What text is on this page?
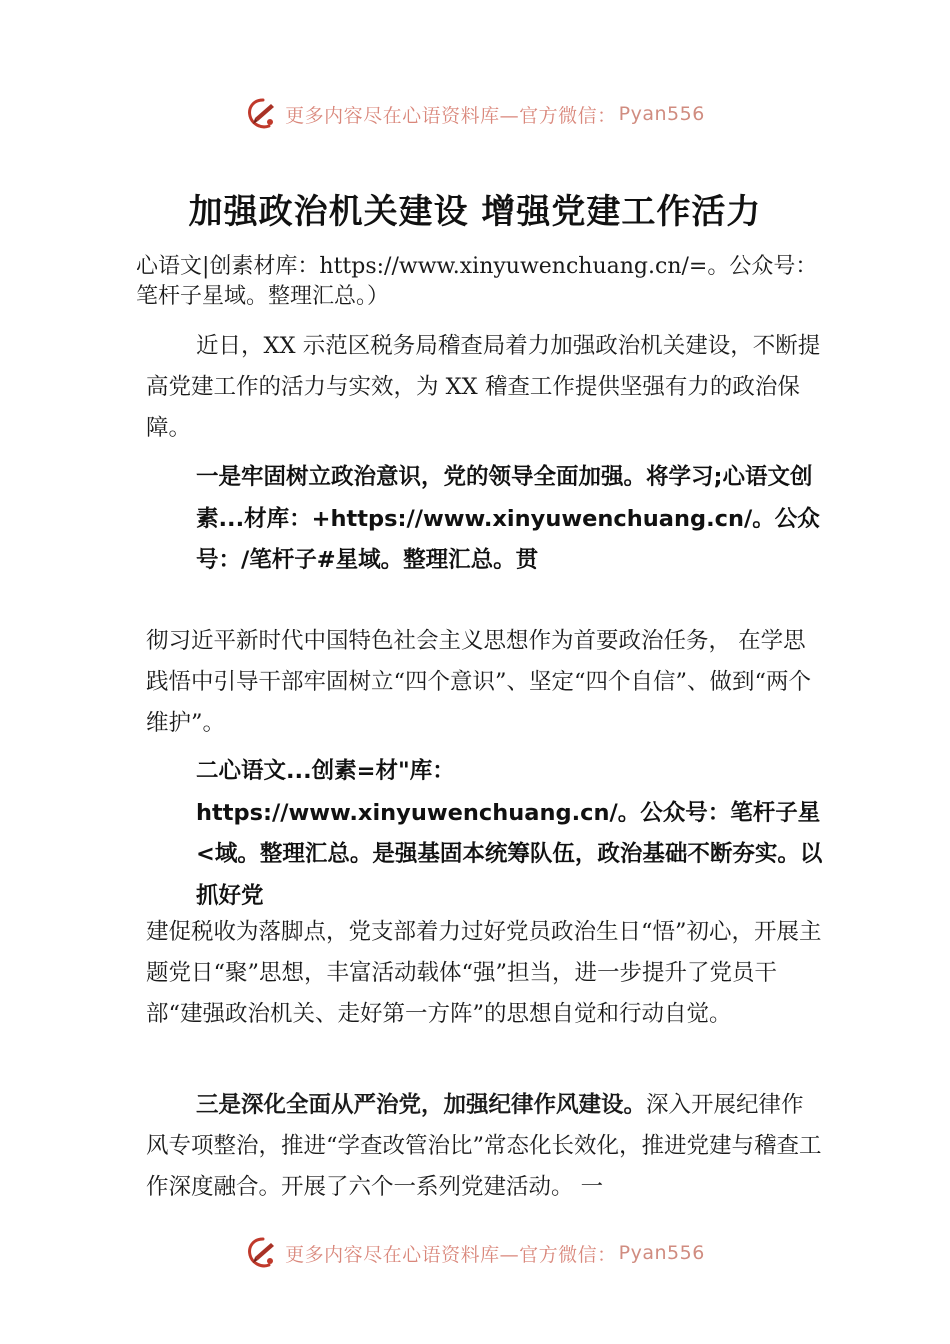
更多内容尽在心语资料库—官方微信： Pyan556
加强政治机关建设 增强党建工作活力
心语文|创素材库：https://www.xinyuwenchuang.cn/=。公众号：笔杆子星域。整理汇总。）

近日，XX 示范区税务局稽查局着力加强政治机关建设，不断提高党建工作的活力与实效，为 XX 稽查工作提供坚强有力的政治保障。

一是牢固树立政治意识，党的领导全面加强。将学习;心语文创素...材库：+https://www.xinyuwenchuang.cn/。公众号：/笔杆子#星域。整理汇总。贯

彻习近平新时代中国特色社会主义思想作为首要政治任务， 在学思践悟中引导干部牢固树立“四个意识”、坚定“四个自信”、做到“两个维护”。

二心语文...创素=材"库：https://www.xinyuwenchuang.cn/。公众号：笔杆子星<域。整理汇总。是强基固本统筹队伍，政治基础不断夯实。以抓好党

建促税收为落脚点，党支部着力过好党员政治生日“悟”初心，开展主题党日“聚”思想，丰富活动载体“强”担当，进一步提升了党员干部“建强政治机关、走好第一方阵”的思想自觉和行动自觉。

三是深化全面从严治党，加强纪律作风建设。深入开展纪律作风专项整治，推进“学查改管治比”常态化长效化，推进党建与稽查工作深度融合。开展了六个一系列党建活动。 一

更多内容尽在心语资料库—官方微信： Pyan556
